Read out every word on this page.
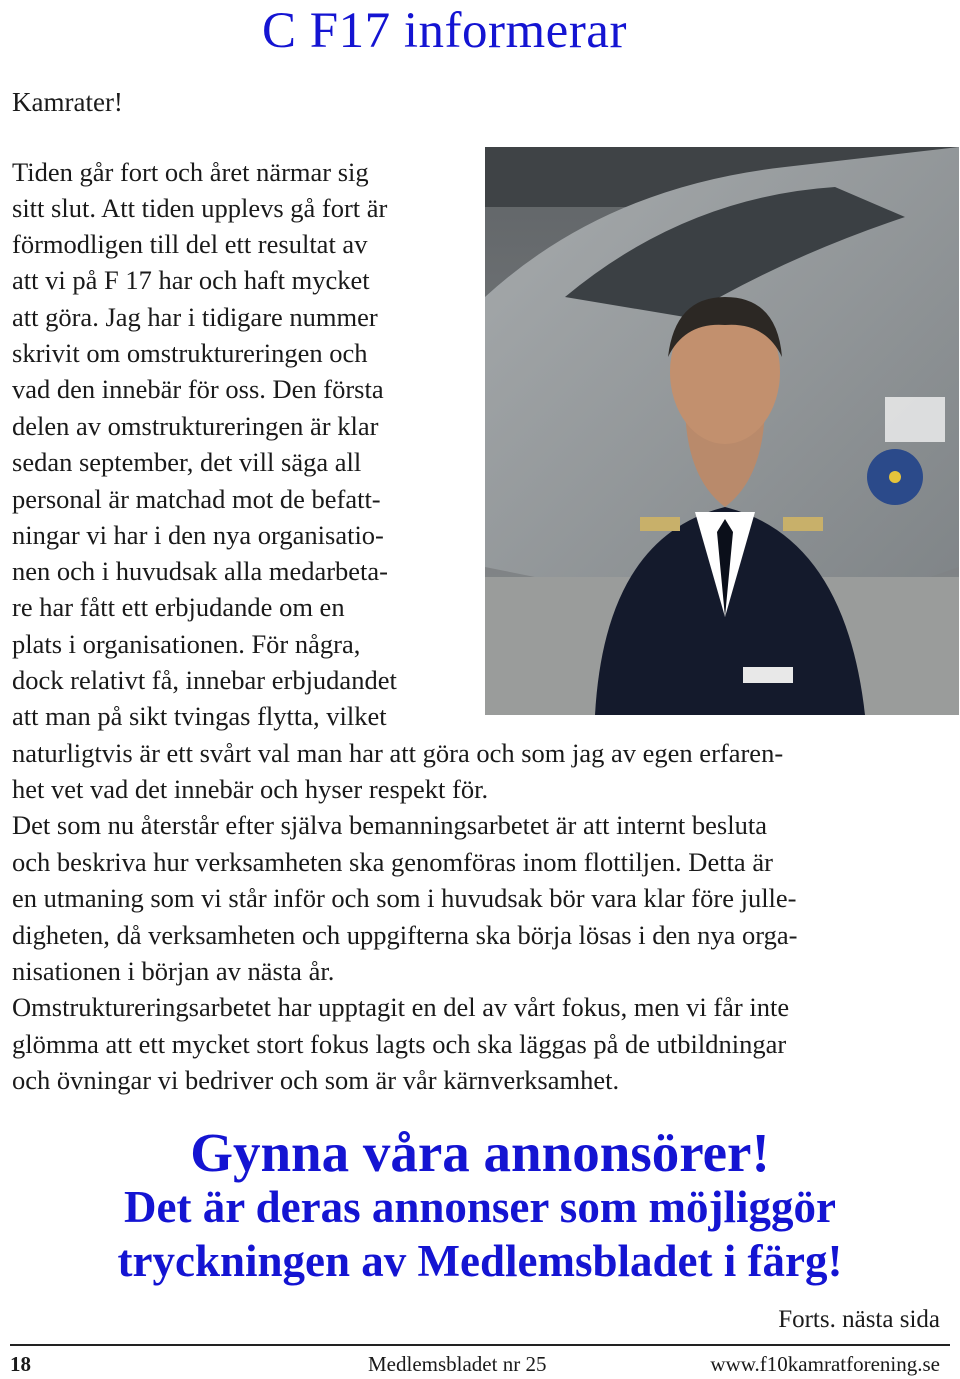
C F17 informerar
Kamrater!
Tiden går fort och året närmar sig
sitt slut. Att tiden upplevs gå fort är
förmodligen till del ett resultat av
att vi på F 17 har och haft mycket
att göra. Jag har i tidigare nummer
skrivit om omstruktureringen och
vad den innebär för oss. Den första
delen av omstruktureringen är klar
sedan september, det vill säga all
personal är matchad mot de befatt-
ningar vi har i den nya organisatio-
nen och i huvudsak alla medarbeta-
re har fått ett erbjudande om en
plats i organisationen. För några,
dock relativt få, innebar erbjudandet
att man på sikt tvingas flytta, vilket
naturligtvis är ett svårt val man har att göra och som jag av egen erfaren-
het vet vad det innebär och hyser respekt för.
Det som nu återstår efter själva bemanningsarbetet är att internt besluta
och beskriva hur verksamheten ska genomföras inom flottiljen. Detta är
en utmaning som vi står inför och som i huvudsak bör vara klar före julle-
digheten, då verksamheten och uppgifterna ska börja lösas i den nya orga-
nisationen i början av nästa år.
Omstruktureringsarbetet har upptagit en del av vårt fokus, men vi får inte
glömma att ett mycket stort fokus lagts och ska läggas på de utbildningar
och övningar vi bedriver och som är vår kärnverksamhet.
Gynna våra annonsörer!
Det är deras annonser som möjliggör
tryckningen av Medlemsbladet i färg!
Forts. nästa sida
18	Medlemsbladet nr 25	www.f10kamratforening.se
